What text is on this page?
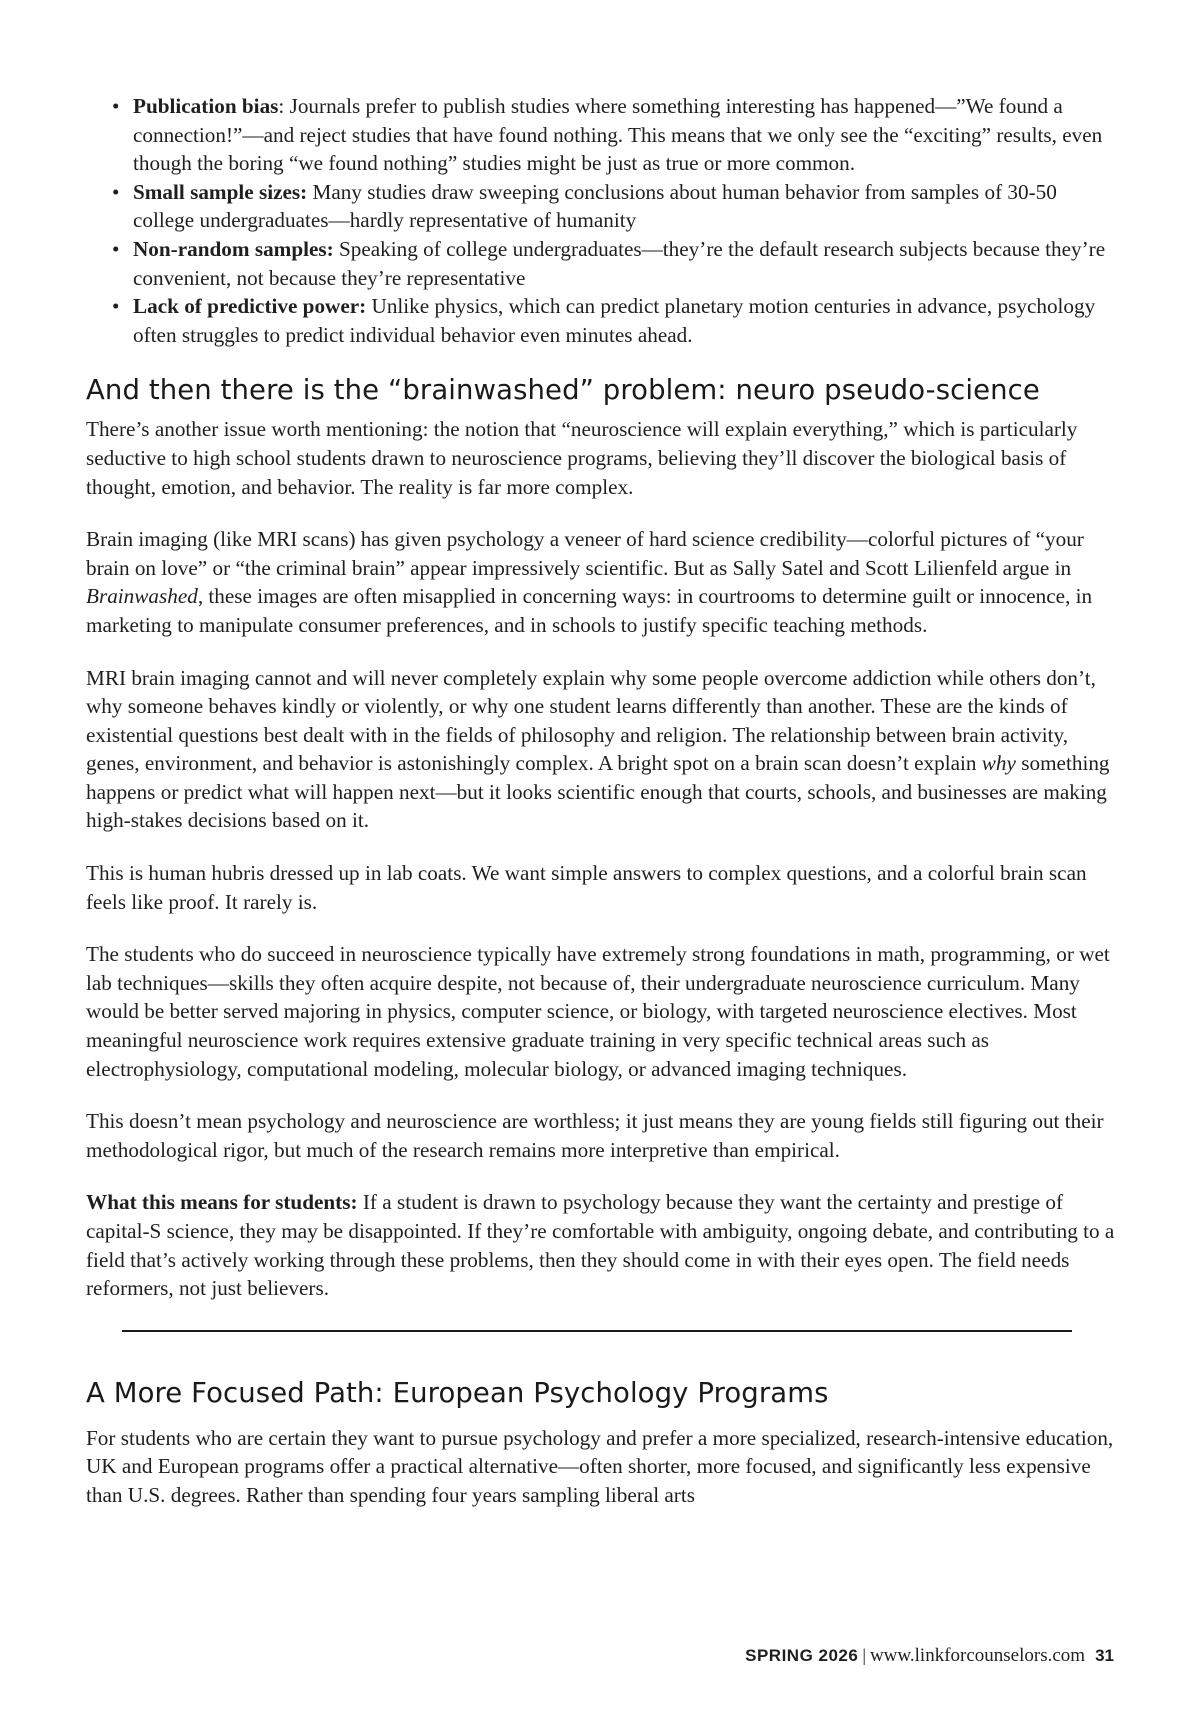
• Publication bias: Journals prefer to publish studies where something interesting has happened—”We found a connection!”—and reject studies that have found nothing. This means that we only see the “exciting” results, even though the boring “we found nothing” studies might be just as true or more common.
• Small sample sizes: Many studies draw sweeping conclusions about human behavior from samples of 30-50 college undergraduates—hardly representative of humanity
• Non-random samples: Speaking of college undergraduates—they’re the default research subjects because they’re convenient, not because they’re representative
• Lack of predictive power: Unlike physics, which can predict planetary motion centuries in advance, psychology often struggles to predict individual behavior even minutes ahead.
And then there is the “brainwashed” problem: neuro pseudo-science

There’s another issue worth mentioning: the notion that “neuroscience will explain everything,” which is particularly seductive to high school students drawn to neuroscience programs, believing they’ll discover the biological basis of thought, emotion, and behavior. The reality is far more complex.

Brain imaging (like MRI scans) has given psychology a veneer of hard science credibility—colorful pictures of “your brain on love” or “the criminal brain” appear impressively scientific. But as Sally Satel and Scott Lilienfeld argue in Brainwashed, these images are often misapplied in concerning ways: in courtrooms to determine guilt or innocence, in marketing to manipulate consumer preferences, and in schools to justify specific teaching methods.

MRI brain imaging cannot and will never completely explain why some people overcome addiction while others don’t, why someone behaves kindly or violently, or why one student learns differently than another. These are the kinds of existential questions best dealt with in the fields of philosophy and religion. The relationship between brain activity, genes, environment, and behavior is astonishingly complex. A bright spot on a brain scan doesn’t explain why something happens or predict what will happen next—but it looks scientific enough that courts, schools, and businesses are making high-stakes decisions based on it.

This is human hubris dressed up in lab coats. We want simple answers to complex questions, and a colorful brain scan feels like proof. It rarely is.

The students who do succeed in neuroscience typically have extremely strong foundations in math, programming, or wet lab techniques—skills they often acquire despite, not because of, their undergraduate neuroscience curriculum. Many would be better served majoring in physics, computer science, or biology, with targeted neuroscience electives. Most meaningful neuroscience work requires extensive graduate training in very specific technical areas such as electrophysiology, computational modeling, molecular biology, or advanced imaging techniques.

This doesn’t mean psychology and neuroscience are worthless; it just means they are young fields still figuring out their methodological rigor, but much of the research remains more interpretive than empirical.

What this means for students: If a student is drawn to psychology because they want the certainty and prestige of capital-S science, they may be disappointed. If they’re comfortable with ambiguity, ongoing debate, and contributing to a field that’s actively working through these problems, then they should come in with their eyes open. The field needs reformers, not just believers.

A More Focused Path: European Psychology Programs

For students who are certain they want to pursue psychology and prefer a more specialized, research-intensive education, UK and European programs offer a practical alternative—often shorter, more focused, and significantly less expensive than U.S. degrees. Rather than spending four years sampling liberal arts

SPRING 2026 | www.linkforcounselors.com 31
